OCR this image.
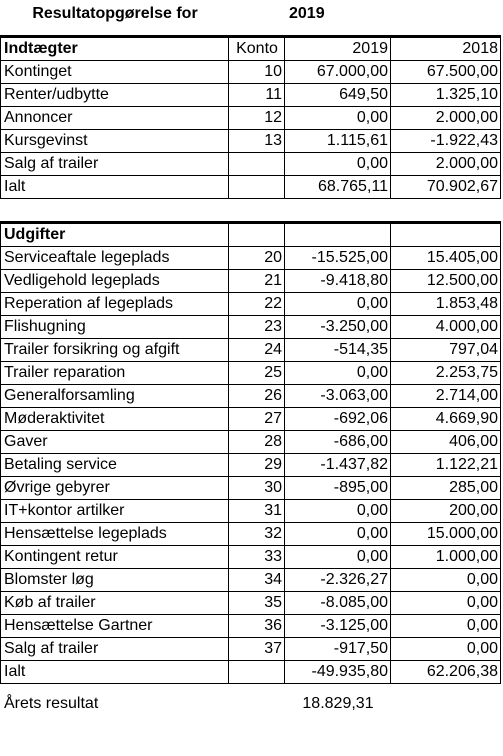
Resultatopgørelse for		2019	

Indtægter	Konto	2019	2018
Kontinget	10	67.000,00	67.500,00
Renter/udbytte	11	649,50	1.325,10
Annoncer	12	0,00	2.000,00
Kursgevinst	13	1.115,61	-1.922,43
Salg af trailer		0,00	2.000,00
Ialt		68.765,11	70.902,67

Udgifter			
Serviceaftale legeplads	20	-15.525,00	15.405,00
Vedligehold legeplads	21	-9.418,80	12.500,00
Reperation af legeplads	22	0,00	1.853,48
Flishugning	23	-3.250,00	4.000,00
Trailer forsikring og afgift	24	-514,35	797,04
Trailer reparation	25	0,00	2.253,75
Generalforsamling	26	-3.063,00	2.714,00
Møderaktivitet	27	-692,06	4.669,90
Gaver	28	-686,00	406,00
Betaling service	29	-1.437,82	1.122,21
Øvrige gebyrer	30	-895,00	285,00
IT+kontor artilker	31	0,00	200,00
Hensættelse legeplads	32	0,00	15.000,00
Kontingent retur	33	0,00	1.000,00
Blomster løg	34	-2.326,27	0,00
Køb af trailer	35	-8.085,00	0,00
Hensættelse Gartner	36	-3.125,00	0,00
Salg af trailer	37	-917,50	0,00
Ialt		-49.935,80	62.206,38

Årets resultat		18.829,31	
